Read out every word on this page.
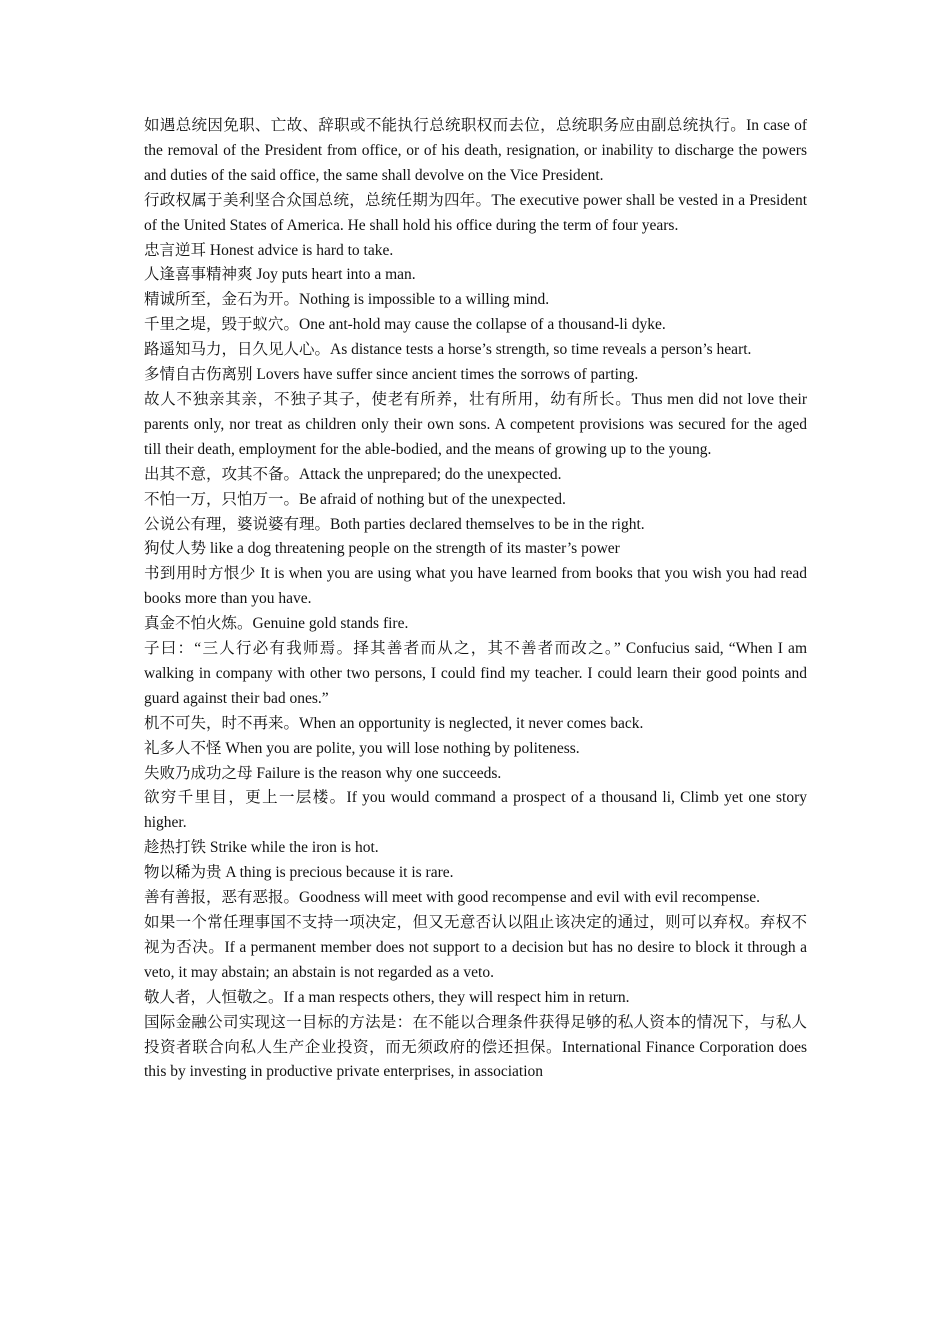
如遇总统因免职、亡故、辞职或不能执行总统职权而去位，总统职务应由副总统执行。In case of the removal of the President from office, or of his death, resignation, or inability to discharge the powers and duties of the said office, the same shall devolve on the Vice President.

行政权属于美利坚合众国总统，总统任期为四年。The executive power shall be vested in a President of the United States of America. He shall hold his office during the term of four years.

忠言逆耳 Honest advice is hard to take.

人逢喜事精神爽 Joy puts heart into a man.

精诚所至，金石为开。Nothing is impossible to a willing mind.

千里之堤，毁于蚁穴。One ant-hold may cause the collapse of a thousand-li dyke.

路遥知马力，日久见人心。As distance tests a horse’s strength, so time reveals a person’s heart.

多情自古伤离别 Lovers have suffer since ancient times the sorrows of parting.

故人不独亲其亲，不独子其子，使老有所养，壮有所用，幼有所长。Thus men did not love their parents only, nor treat as children only their own sons. A competent provisions was secured for the aged till their death, employment for the able-bodied, and the means of growing up to the young.

出其不意，攻其不备。Attack the unprepared; do the unexpected.

不怕一万，只怕万一。Be afraid of nothing but of the unexpected.

公说公有理，婆说婆有理。Both parties declared themselves to be in the right.

狗仗人势 like a dog threatening people on the strength of its master’s power

书到用时方恨少 It is when you are using what you have learned from books that you wish you had read books more than you have.

真金不怕火炼。Genuine gold stands fire.

子曰：“三人行必有我师焉。择其善者而从之，其不善者而改之。” Confucius said, “When I am walking in company with other two persons, I could find my teacher. I could learn their good points and guard against their bad ones.”

机不可失，时不再来。When an opportunity is neglected, it never comes back.

礼多人不怪 When you are polite, you will lose nothing by politeness.

失败乃成功之母 Failure is the reason why one succeeds.

欲穷千里目，更上一层楼。If you would command a prospect of a thousand li, Climb yet one story higher.

趁热打铁 Strike while the iron is hot.

物以稀为贵 A thing is precious because it is rare.

善有善报，恶有恶报。Goodness will meet with good recompense and evil with evil recompense.

如果一个常任理事国不支持一项决定，但又无意否认以阻止该决定的通过，则可以弃权。弃权不视为否决。If a permanent member does not support to a decision but has no desire to block it through a veto, it may abstain; an abstain is not regarded as a veto.

敬人者，人恒敬之。If a man respects others, they will respect him in return.

国际金融公司实现这一目标的方法是：在不能以合理条件获得足够的私人资本的情况下，与私人投资者联合向私人生产企业投资，而无须政府的偿还担保。International Finance Corporation does this by investing in productive private enterprises, in association
